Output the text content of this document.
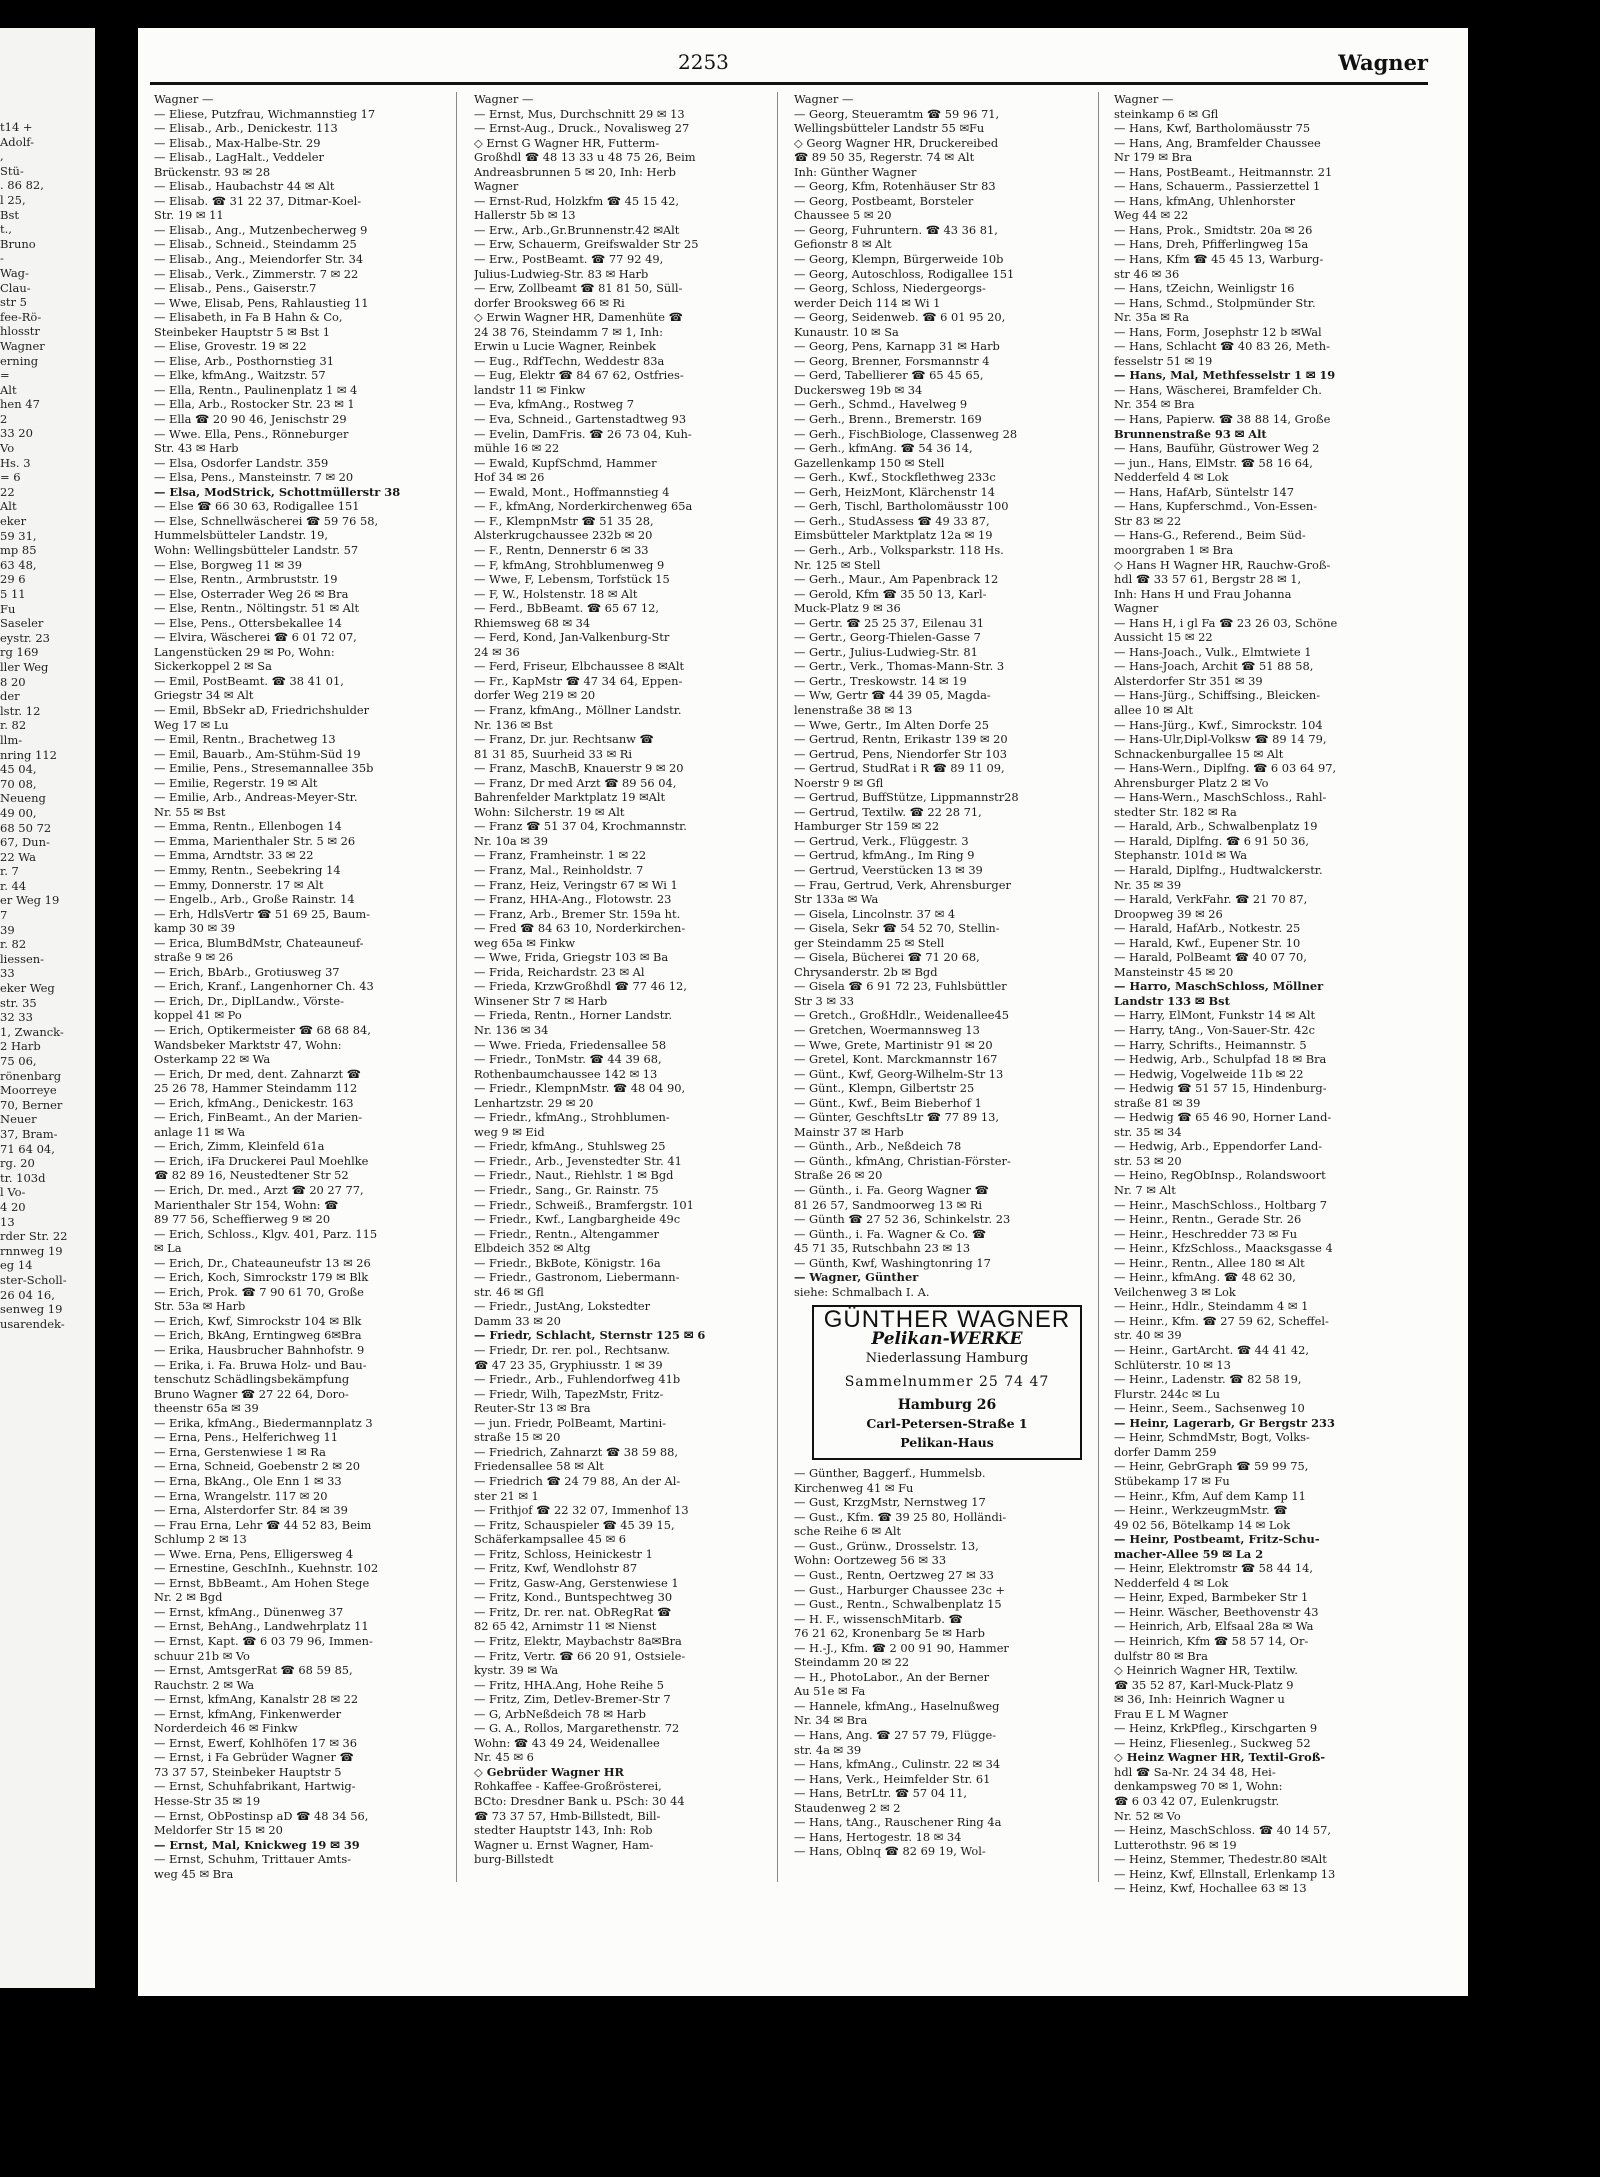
t14 +
Adolf-
,
Stü-
. 86 82,
l 25,
Bst
t.,
Bruno
-
Wag-
Clau-
str 5
fee-Rö-
hlosstr
Wagner
erning
=
Alt
hen 47
2
33 20
Vo
Hs. 3
= 6
22
Alt
eker
59 31,
mp 85
63 48,
29 6
5 11
Fu
Saseler
eystr. 23
rg 169
ller Weg
8 20
der
lstr. 12
r. 82
llm-
nring 112
45 04,
70 08,
Neueng
49 00,
68 50 72
67, Dun-
22 Wa
r. 7
r. 44
er Weg 19
7
39
r. 82
liessen-
33
eker Weg
str. 35
32 33
1, Zwanck-
2 Harb
75 06,
rönenbarg
Moorreye
70, Berner
Neuer
37, Bram-
71 64 04,
rg. 20
tr. 103d
l Vo-
4 20
13
rder Str. 22
rnnweg 19
eg 14
ster-Scholl-
26 04 16,
senweg 19
usarendek-
2253	Wagner
Wagner —
— Eliese, Putzfrau, Wichmannstieg 17
— Elisab., Arb., Denickestr. 113
— Elisab., Max-Halbe-Str. 29
— Elisab., LagHalt., Veddeler
Brückenstr. 93 ✉ 28
— Elisab., Haubachstr 44 ✉ Alt
— Elisab. ☎ 31 22 37, Ditmar-Koel-
Str. 19 ✉ 11
— Elisab., Ang., Mutzenbecherweg 9
— Elisab., Schneid., Steindamm 25
— Elisab., Ang., Meiendorfer Str. 34
— Elisab., Verk., Zimmerstr. 7 ✉ 22
— Elisab., Pens., Gaiserstr.7
— Wwe, Elisab, Pens, Rahlaustieg 11
— Elisabeth, in Fa B Hahn & Co,
Steinbeker Hauptstr 5 ✉ Bst 1
— Elise, Grovestr. 19 ✉ 22
— Elise, Arb., Posthornstieg 31
— Elke, kfmAng., Waitzstr. 57
— Ella, Rentn., Paulinenplatz 1 ✉ 4
— Ella, Arb., Rostocker Str. 23 ✉ 1
— Ella ☎ 20 90 46, Jenischstr 29
— Wwe. Ella, Pens., Rönneburger
Str. 43 ✉ Harb
— Elsa, Osdorfer Landstr. 359
— Elsa, Pens., Mansteinstr. 7 ✉ 20
— Elsa, ModStrick, Schottmüllerstr 38
— Else ☎ 66 30 63, Rodigallee 151
— Else, Schnellwäscherei ☎ 59 76 58,
Hummelsbütteler Landstr. 19,
Wohn: Wellingsbütteler Landstr. 57
— Else, Borgweg 11 ✉ 39
— Else, Rentn., Armbruststr. 19
— Else, Osterrader Weg 26 ✉ Bra
— Else, Rentn., Nöltingstr. 51 ✉ Alt
— Else, Pens., Ottersbekallee 14
— Elvira, Wäscherei ☎ 6 01 72 07,
Langenstücken 29 ✉ Po, Wohn:
Sickerkoppel 2 ✉ Sa
— Emil, PostBeamt. ☎ 38 41 01,
Griegstr 34 ✉ Alt
— Emil, BbSekr aD, Friedrichshulder
Weg 17 ✉ Lu
— Emil, Rentn., Brachetweg 13
— Emil, Bauarb., Am-Stühm-Süd 19
— Emilie, Pens., Stresemannallee 35b
— Emilie, Regerstr. 19 ✉ Alt
— Emilie, Arb., Andreas-Meyer-Str.
Nr. 55 ✉ Bst
— Emma, Rentn., Ellenbogen 14
— Emma, Marienthaler Str. 5 ✉ 26
— Emma, Arndtstr. 33 ✉ 22
— Emmy, Rentn., Seebekring 14
— Emmy, Donnerstr. 17 ✉ Alt
— Engelb., Arb., Große Rainstr. 14
— Erh, HdlsVertr ☎ 51 69 25, Baum-
kamp 30 ✉ 39
— Erica, BlumBdMstr, Chateauneuf-
straße 9 ✉ 26
— Erich, BbArb., Grotiusweg 37
— Erich, Kranf., Langenhorner Ch. 43
— Erich, Dr., DiplLandw., Vörste-
koppel 41 ✉ Po
— Erich, Optikermeister ☎ 68 68 84,
Wandsbeker Marktstr 47, Wohn:
Osterkamp 22 ✉ Wa
— Erich, Dr med, dent. Zahnarzt ☎
25 26 78, Hammer Steindamm 112
— Erich, kfmAng., Denickestr. 163
— Erich, FinBeamt., An der Marien-
anlage 11 ✉ Wa
— Erich, Zimm, Kleinfeld 61a
— Erich, iFa Druckerei Paul Moehlke
☎ 82 89 16, Neustedtener Str 52
— Erich, Dr. med., Arzt ☎ 20 27 77,
Marienthaler Str 154, Wohn: ☎
89 77 56, Scheffierweg 9 ✉ 20
— Erich, Schloss., Klgv. 401, Parz. 115
✉ La
— Erich, Dr., Chateauneufstr 13 ✉ 26
— Erich, Koch, Simrockstr 179 ✉ Blk
— Erich, Prok. ☎ 7 90 61 70, Große
Str. 53a ✉ Harb
— Erich, Kwf, Simrockstr 104 ✉ Blk
— Erich, BkAng, Erntingweg 6✉Bra
— Erika, Hausbrucher Bahnhofstr. 9
— Erika, i. Fa. Bruwa Holz- und Bau-
tenschutz Schädlingsbekämpfung
Bruno Wagner ☎ 27 22 64, Doro-
theenstr 65a ✉ 39
— Erika, kfmAng., Biedermannplatz 3
— Erna, Pens., Helferichweg 11
— Erna, Gerstenwiese 1 ✉ Ra
— Erna, Schneid, Goebenstr 2 ✉ 20
— Erna, BkAng., Ole Enn 1 ✉ 33
— Erna, Wrangelstr. 117 ✉ 20
— Erna, Alsterdorfer Str. 84 ✉ 39
— Frau Erna, Lehr ☎ 44 52 83, Beim
Schlump 2 ✉ 13
— Wwe. Erna, Pens, Elligersweg 4
— Ernestine, GeschInh., Kuehnstr. 102
— Ernst, BbBeamt., Am Hohen Stege
Nr. 2 ✉ Bgd
— Ernst, kfmAng., Dünenweg 37
— Ernst, BehAng., Landwehrplatz 11
— Ernst, Kapt. ☎ 6 03 79 96, Immen-
schuur 21b ✉ Vo
— Ernst, AmtsgerRat ☎ 68 59 85,
Rauchstr. 2 ✉ Wa
— Ernst, kfmAng, Kanalstr 28 ✉ 22
— Ernst, kfmAng, Finkenwerder
Norderdeich 46 ✉ Finkw
— Ernst, Ewerf, Kohlhöfen 17 ✉ 36
— Ernst, i Fa Gebrüder Wagner ☎
73 37 57, Steinbeker Hauptstr 5
— Ernst, Schuhfabrikant, Hartwig-
Hesse-Str 35 ✉ 19
— Ernst, ObPostinsp aD ☎ 48 34 56,
Meldorfer Str 15 ✉ 20
— Ernst, Mal, Knickweg 19 ✉ 39
— Ernst, Schuhm, Trittauer Amts-
weg 45 ✉ Bra
Wagner —
— Ernst, Mus, Durchschnitt 29 ✉ 13
— Ernst-Aug., Druck., Novalisweg 27
◇ Ernst G Wagner HR, Futterm-
Großhdl ☎ 48 13 33 u 48 75 26, Beim
Andreasbrunnen 5 ✉ 20, Inh: Herb
Wagner
— Ernst-Rud, Holzkfm ☎ 45 15 42,
Hallerstr 5b ✉ 13
— Erw., Arb.,Gr.Brunnenstr.42 ✉Alt
— Erw, Schauerm, Greifswalder Str 25
— Erw., PostBeamt. ☎ 77 92 49,
Julius-Ludwieg-Str. 83 ✉ Harb
— Erw, Zollbeamt ☎ 81 81 50, Süll-
dorfer Brooksweg 66 ✉ Ri
◇ Erwin Wagner HR, Damenhüte ☎
24 38 76, Steindamm 7 ✉ 1, Inh:
Erwin u Lucie Wagner, Reinbek
— Eug., RdfTechn, Weddestr 83a
— Eug, Elektr ☎ 84 67 62, Ostfries-
landstr 11 ✉ Finkw
— Eva, kfmAng., Rostweg 7
— Eva, Schneid., Gartenstadtweg 93
— Evelin, DamFris. ☎ 26 73 04, Kuh-
mühle 16 ✉ 22
— Ewald, KupfSchmd, Hammer
Hof 34 ✉ 26
— Ewald, Mont., Hoffmannstieg 4
— F., kfmAng, Norderkirchenweg 65a
— F., KlempnMstr ☎ 51 35 28,
Alsterkrugchaussee 232b ✉ 20
— F., Rentn, Dennerstr 6 ✉ 33
— F, kfmAng, Strohblumenweg 9
— Wwe, F, Lebensm, Torfstück 15
— F, W., Holstenstr. 18 ✉ Alt
— Ferd., BbBeamt. ☎ 65 67 12,
Rhiemsweg 68 ✉ 34
— Ferd, Kond, Jan-Valkenburg-Str
24 ✉ 36
— Ferd, Friseur, Elbchaussee 8 ✉Alt
— Fr., KapMstr ☎ 47 34 64, Eppen-
dorfer Weg 219 ✉ 20
— Franz, kfmAng., Möllner Landstr.
Nr. 136 ✉ Bst
— Franz, Dr. jur. Rechtsanw ☎
81 31 85, Suurheid 33 ✉ Ri
— Franz, MaschB, Knauerstr 9 ✉ 20
— Franz, Dr med Arzt ☎ 89 56 04,
Bahrenfelder Marktplatz 19 ✉Alt
Wohn: Silcherstr. 19 ✉ Alt
— Franz ☎ 51 37 04, Krochmannstr.
Nr. 10a ✉ 39
— Franz, Framheinstr. 1 ✉ 22
— Franz, Mal., Reinholdstr. 7
— Franz, Heiz, Veringstr 67 ✉ Wi 1
— Franz, HHA-Ang., Flotowstr. 23
— Franz, Arb., Bremer Str. 159a ht.
— Fred ☎ 84 63 10, Norderkirchen-
weg 65a ✉ Finkw
— Wwe, Frida, Griegstr 103 ✉ Ba
— Frida, Reichardstr. 23 ✉ Al
— Frieda, KrzwGroßhdl ☎ 77 46 12,
Winsener Str 7 ✉ Harb
— Frieda, Rentn., Horner Landstr.
Nr. 136 ✉ 34
— Wwe. Frieda, Friedensallee 58
— Friedr., TonMstr. ☎ 44 39 68,
Rothenbaumchaussee 142 ✉ 13
— Friedr., KlempnMstr. ☎ 48 04 90,
Lenhartzstr. 29 ✉ 20
— Friedr., kfmAng., Strohblumen-
weg 9 ✉ Eid
— Friedr, kfmAng., Stuhlsweg 25
— Friedr., Arb., Jevenstedter Str. 41
— Friedr., Naut., Riehlstr. 1 ✉ Bgd
— Friedr., Sang., Gr. Rainstr. 75
— Friedr., Schweiß., Bramfergstr. 101
— Friedr., Kwf., Langbargheide 49c
— Friedr., Rentn., Altengammer
Elbdeich 352 ✉ Altg
— Friedr., BkBote, Königstr. 16a
— Friedr., Gastronom, Liebermann-
str. 46 ✉ Gfl
— Friedr., JustAng, Lokstedter
Damm 33 ✉ 20
— Friedr, Schlacht, Sternstr 125 ✉ 6
— Friedr, Dr. rer. pol., Rechtsanw.
☎ 47 23 35, Gryphiusstr. 1 ✉ 39
— Friedr., Arb., Fuhlendorfweg 41b
— Friedr, Wilh, TapezMstr, Fritz-
Reuter-Str 13 ✉ Bra
— jun. Friedr, PolBeamt, Martini-
straße 15 ✉ 20
— Friedrich, Zahnarzt ☎ 38 59 88,
Friedensallee 58 ✉ Alt
— Friedrich ☎ 24 79 88, An der Al-
ster 21 ✉ 1
— Frithjof ☎ 22 32 07, Immenhof 13
— Fritz, Schauspieler ☎ 45 39 15,
Schäferkampsallee 45 ✉ 6
— Fritz, Schloss, Heinickestr 1
— Fritz, Kwf, Wendlohstr 87
— Fritz, Gasw-Ang, Gerstenwiese 1
— Fritz, Kond., Buntspechtweg 30
— Fritz, Dr. rer. nat. ObRegRat ☎
82 65 42, Arnimstr 11 ✉ Nienst
— Fritz, Elektr, Maybachstr 8a✉Bra
— Fritz, Vertr. ☎ 66 20 91, Ostsiele-
kystr. 39 ✉ Wa
— Fritz, HHA.Ang, Hohe Reihe 5
— Fritz, Zim, Detlev-Bremer-Str 7
— G, ArbNeßdeich 78 ✉ Harb
— G. A., Rollos, Margarethenstr. 72
Wohn: ☎ 43 49 24, Weidenallee
Nr. 45 ✉ 6
◇ Gebrüder Wagner HR
Rohkaffee - Kaffee-Großrösterei,
BCto: Dresdner Bank u. PSch: 30 44
☎ 73 37 57, Hmb-Billstedt, Bill-
stedter Hauptstr 143, Inh: Rob
Wagner u. Ernst Wagner, Ham-
burg-Billstedt
Wagner —
— Georg, Steueramtm ☎ 59 96 71,
Wellingsbütteler Landstr 55 ✉Fu
◇ Georg Wagner HR, Druckereibed
☎ 89 50 35, Regerstr. 74 ✉ Alt
Inh: Günther Wagner
— Georg, Kfm, Rotenhäuser Str 83
— Georg, Postbeamt, Borsteler
Chaussee 5 ✉ 20
— Georg, Fuhruntern. ☎ 43 36 81,
Gefionstr 8 ✉ Alt
— Georg, Klempn, Bürgerweide 10b
— Georg, Autoschloss, Rodigallee 151
— Georg, Schloss, Niedergeorgs-
werder Deich 114 ✉ Wi 1
— Georg, Seidenweb. ☎ 6 01 95 20,
Kunaustr. 10 ✉ Sa
— Georg, Pens, Karnapp 31 ✉ Harb
— Georg, Brenner, Forsmannstr 4
— Gerd, Tabellierer ☎ 65 45 65,
Duckersweg 19b ✉ 34
— Gerh., Schmd., Havelweg 9
— Gerh., Brenn., Bremerstr. 169
— Gerh., FischBiologe, Classenweg 28
— Gerh., kfmAng. ☎ 54 36 14,
Gazellenkamp 150 ✉ Stell
— Gerh., Kwf., Stockflethweg 233c
— Gerh, HeizMont, Klärchenstr 14
— Gerh, Tischl, Bartholomäusstr 100
— Gerh., StudAssess ☎ 49 33 87,
Eimsbütteler Marktplatz 12a ✉ 19
— Gerh., Arb., Volksparkstr. 118 Hs.
Nr. 125 ✉ Stell
— Gerh., Maur., Am Papenbrack 12
— Gerold, Kfm ☎ 35 50 13, Karl-
Muck-Platz 9 ✉ 36
— Gertr. ☎ 25 25 37, Eilenau 31
— Gertr., Georg-Thielen-Gasse 7
— Gertr., Julius-Ludwieg-Str. 81
— Gertr., Verk., Thomas-Mann-Str. 3
— Gertr., Treskowstr. 14 ✉ 19
— Ww, Gertr ☎ 44 39 05, Magda-
lenenstraße 38 ✉ 13
— Wwe, Gertr., Im Alten Dorfe 25
— Gertrud, Rentn, Erikastr 139 ✉ 20
— Gertrud, Pens, Niendorfer Str 103
— Gertrud, StudRat i R ☎ 89 11 09,
Noerstr 9 ✉ Gfl
— Gertrud, BuffStütze, Lippmannstr28
— Gertrud, Textilw. ☎ 22 28 71,
Hamburger Str 159 ✉ 22
— Gertrud, Verk., Flüggestr. 3
— Gertrud, kfmAng., Im Ring 9
— Gertrud, Veerstücken 13 ✉ 39
— Frau, Gertrud, Verk, Ahrensburger
Str 133a ✉ Wa
— Gisela, Lincolnstr. 37 ✉ 4
— Gisela, Sekr ☎ 54 52 70, Stellin-
ger Steindamm 25 ✉ Stell
— Gisela, Bücherei ☎ 71 20 68,
Chrysanderstr. 2b ✉ Bgd
— Gisela ☎ 6 91 72 23, Fuhlsbüttler
Str 3 ✉ 33
— Gretch., GroßHdlr., Weidenallee45
— Gretchen, Woermannsweg 13
— Wwe, Grete, Martinistr 91 ✉ 20
— Gretel, Kont. Marckmannstr 167
— Günt., Kwf, Georg-Wilhelm-Str 13
— Günt., Klempn, Gilbertstr 25
— Günt., Kwf., Beim Bieberhof 1
— Günter, GeschftsLtr ☎ 77 89 13,
Mainstr 37 ✉ Harb
— Günth., Arb., Neßdeich 78
— Günth., kfmAng, Christian-Förster-
Straße 26 ✉ 20
— Günth., i. Fa. Georg Wagner ☎
81 26 57, Sandmoorweg 13 ✉ Ri
— Günth ☎ 27 52 36, Schinkelstr. 23
— Günth., i. Fa. Wagner & Co. ☎
45 71 35, Rutschbahn 23 ✉ 13
— Günth, Kwf, Washingtonring 17
— Wagner, Günther
siehe: Schmalbach I. A.
GÜNTHER WAGNER
Pelikan-WERKE
Niederlassung Hamburg
Sammelnummer 25 74 47
Hamburg 26
Carl-Petersen-Straße 1
Pelikan-Haus
— Günther, Baggerf., Hummelsb.
Kirchenweg 41 ✉ Fu
— Gust, KrzgMstr, Nernstweg 17
— Gust., Kfm. ☎ 39 25 80, Holländi-
sche Reihe 6 ✉ Alt
— Gust., Grünw., Drosselstr. 13,
Wohn: Oortzeweg 56 ✉ 33
— Gust., Rentn, Oertzweg 27 ✉ 33
— Gust., Harburger Chaussee 23c +
— Gust., Rentn., Schwalbenplatz 15
— H. F., wissenschMitarb. ☎
76 21 62, Kronenbarg 5e ✉ Harb
— H.-J., Kfm. ☎ 2 00 91 90, Hammer
Steindamm 20 ✉ 22
— H., PhotoLabor., An der Berner
Au 51e ✉ Fa
— Hannele, kfmAng., Haselnußweg
Nr. 34 ✉ Bra
— Hans, Ang. ☎ 27 57 79, Flügge-
str. 4a ✉ 39
— Hans, kfmAng., Culinstr. 22 ✉ 34
— Hans, Verk., Heimfelder Str. 61
— Hans, BetrLtr. ☎ 57 04 11,
Staudenweg 2 ✉ 2
— Hans, tAng., Rauschener Ring 4a
— Hans, Hertogestr. 18 ✉ 34
— Hans, Oblnq ☎ 82 69 19, Wol-
Wagner —
steinkamp 6 ✉ Gfl
— Hans, Kwf, Bartholomäusstr 75
— Hans, Ang, Bramfelder Chaussee
Nr 179 ✉ Bra
— Hans, PostBeamt., Heitmannstr. 21
— Hans, Schauerm., Passierzettel 1
— Hans, kfmAng, Uhlenhorster
Weg 44 ✉ 22
— Hans, Prok., Smidtstr. 20a ✉ 26
— Hans, Dreh, Pfifferlingweg 15a
— Hans, Kfm ☎ 45 45 13, Warburg-
str 46 ✉ 36
— Hans, tZeichn, Weinligstr 16
— Hans, Schmd., Stolpmünder Str.
Nr. 35a ✉ Ra
— Hans, Form, Josephstr 12 b ✉Wal
— Hans, Schlacht ☎ 40 83 26, Meth-
fesselstr 51 ✉ 19
— Hans, Mal, Methfesselstr 1 ✉ 19
— Hans, Wäscherei, Bramfelder Ch.
Nr. 354 ✉ Bra
— Hans, Papierw. ☎ 38 88 14, Große
Brunnenstraße 93 ✉ Alt
— Hans, Bauführ, Güstrower Weg 2
— jun., Hans, ElMstr. ☎ 58 16 64,
Nedderfeld 4 ✉ Lok
— Hans, HafArb, Süntelstr 147
— Hans, Kupferschmd., Von-Essen-
Str 83 ✉ 22
— Hans-G., Referend., Beim Süd-
moorgraben 1 ✉ Bra
◇ Hans H Wagner HR, Rauchw-Groß-
hdl ☎ 33 57 61, Bergstr 28 ✉ 1,
Inh: Hans H und Frau Johanna
Wagner
— Hans H, i gl Fa ☎ 23 26 03, Schöne
Aussicht 15 ✉ 22
— Hans-Joach., Vulk., Elmtwiete 1
— Hans-Joach, Archit ☎ 51 88 58,
Alsterdorfer Str 351 ✉ 39
— Hans-Jürg., Schiffsing., Bleicken-
allee 10 ✉ Alt
— Hans-Jürg., Kwf., Simrockstr. 104
— Hans-Ulr,Dipl-Volksw ☎ 89 14 79,
Schnackenburgallee 15 ✉ Alt
— Hans-Wern., Diplfng. ☎ 6 03 64 97,
Ahrensburger Platz 2 ✉ Vo
— Hans-Wern., MaschSchloss., Rahl-
stedter Str. 182 ✉ Ra
— Harald, Arb., Schwalbenplatz 19
— Harald, Diplfng. ☎ 6 91 50 36,
Stephanstr. 101d ✉ Wa
— Harald, Diplfng., Hudtwalckerstr.
Nr. 35 ✉ 39
— Harald, VerkFahr. ☎ 21 70 87,
Droopweg 39 ✉ 26
— Harald, HafArb., Notkestr. 25
— Harald, Kwf., Eupener Str. 10
— Harald, PolBeamt ☎ 40 07 70,
Mansteinstr 45 ✉ 20
— Harro, MaschSchloss, Möllner
Landstr 133 ✉ Bst
— Harry, ElMont, Funkstr 14 ✉ Alt
— Harry, tAng., Von-Sauer-Str. 42c
— Harry, Schrifts., Heimannstr. 5
— Hedwig, Arb., Schulpfad 18 ✉ Bra
— Hedwig, Vogelweide 11b ✉ 22
— Hedwig ☎ 51 57 15, Hindenburg-
straße 81 ✉ 39
— Hedwig ☎ 65 46 90, Horner Land-
str. 35 ✉ 34
— Hedwig, Arb., Eppendorfer Land-
str. 53 ✉ 20
— Heino, RegObInsp., Rolandswoort
Nr. 7 ✉ Alt
— Heinr., MaschSchloss., Holtbarg 7
— Heinr., Rentn., Gerade Str. 26
— Heinr., Heschredder 73 ✉ Fu
— Heinr., KfzSchloss., Maacksgasse 4
— Heinr., Rentn., Allee 180 ✉ Alt
— Heinr., kfmAng. ☎ 48 62 30,
Veilchenweg 3 ✉ Lok
— Heinr., Hdlr., Steindamm 4 ✉ 1
— Heinr., Kfm. ☎ 27 59 62, Scheffel-
str. 40 ✉ 39
— Heinr., GartArcht. ☎ 44 41 42,
Schlüterstr. 10 ✉ 13
— Heinr., Ladenstr. ☎ 82 58 19,
Flurstr. 244c ✉ Lu
— Heinr., Seem., Sachsenweg 10
— Heinr, Lagerarb, Gr Bergstr 233
— Heinr, SchmdMstr, Bogt, Volks-
dorfer Damm 259
— Heinr, GebrGraph ☎ 59 99 75,
Stübekamp 17 ✉ Fu
— Heinr., Kfm, Auf dem Kamp 11
— Heinr., WerkzeugmMstr. ☎
49 02 56, Bötelkamp 14 ✉ Lok
— Heinr, Postbeamt, Fritz-Schu-
macher-Allee 59 ✉ La 2
— Heinr, Elektromstr ☎ 58 44 14,
Nedderfeld 4 ✉ Lok
— Heinr, Exped, Barmbeker Str 1
— Heinr. Wäscher, Beethovenstr 43
— Heinrich, Arb, Elfsaal 28a ✉ Wa
— Heinrich, Kfm ☎ 58 57 14, Or-
dulfstr 80 ✉ Bra
◇ Heinrich Wagner HR, Textilw.
☎ 35 52 87, Karl-Muck-Platz 9
✉ 36, Inh: Heinrich Wagner u
Frau E L M Wagner
— Heinz, KrkPfleg., Kirschgarten 9
— Heinz, Fliesenleg., Suckweg 52
◇ Heinz Wagner HR, Textil-Groß-
hdl ☎ Sa-Nr. 24 34 48, Hei-
denkampsweg 70 ✉ 1, Wohn:
☎ 6 03 42 07, Eulenkrugstr.
Nr. 52 ✉ Vo
— Heinz, MaschSchloss. ☎ 40 14 57,
Lutterothstr. 96 ✉ 19
— Heinz, Stemmer, Thedestr.80 ✉Alt
— Heinz, Kwf, Ellnstall, Erlenkamp 13
— Heinz, Kwf, Hochallee 63 ✉ 13
